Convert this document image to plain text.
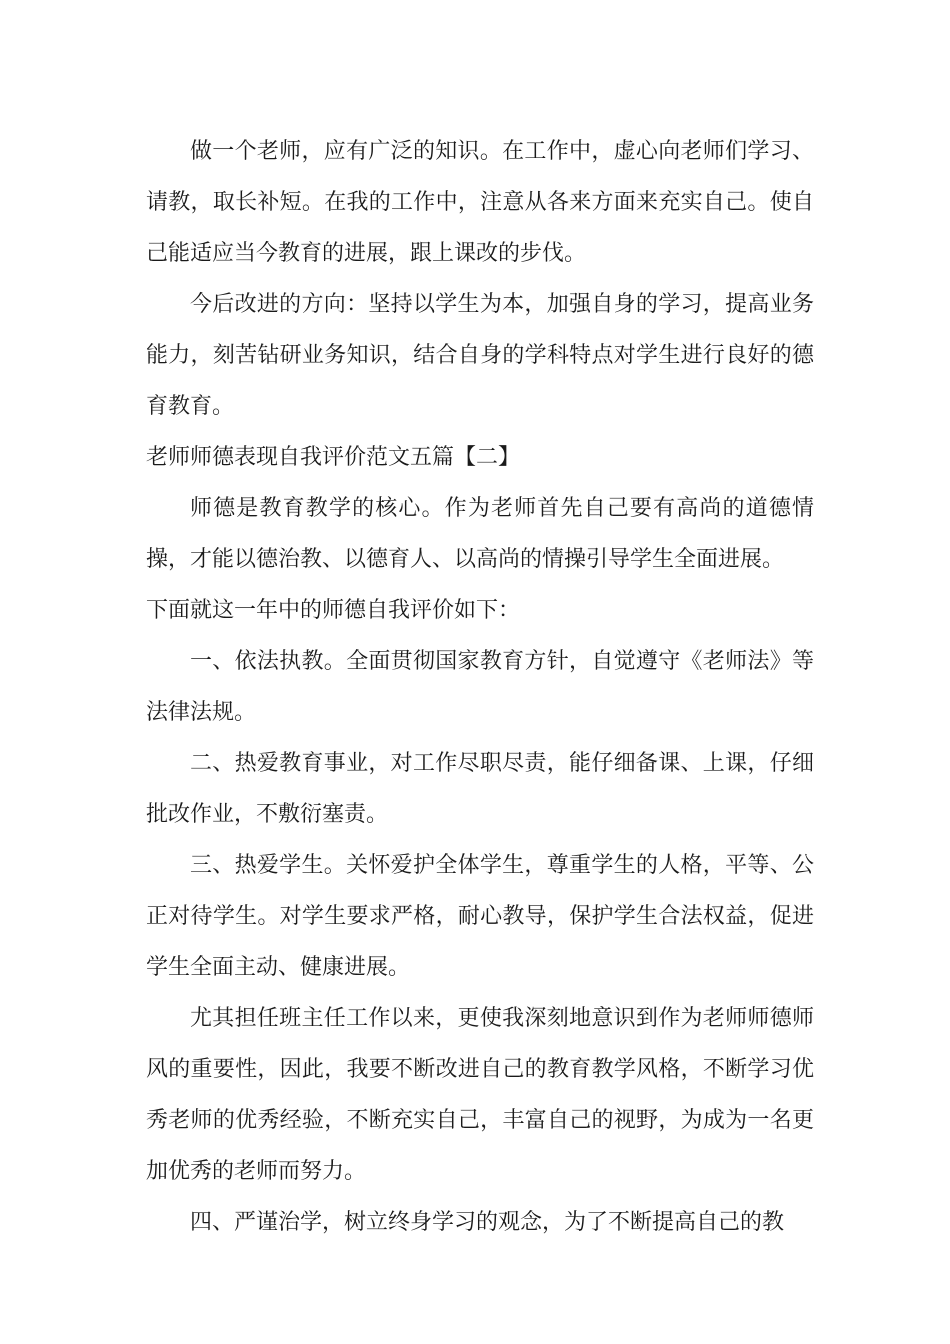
做一个老师，应有广泛的知识。在工作中，虚心向老师们学习、请教，取长补短。在我的工作中，注意从各来方面来充实自己。使自己能适应当今教育的进展，跟上课改的步伐。

今后改进的方向：坚持以学生为本，加强自身的学习，提高业务能力，刻苦钻研业务知识，结合自身的学科特点对学生进行良好的德育教育。

老师师德表现自我评价范文五篇【二】

师德是教育教学的核心。作为老师首先自己要有高尚的道德情操，才能以德治教、以德育人、以高尚的情操引导学生全面进展。

下面就这一年中的师德自我评价如下：

一、依法执教。全面贯彻国家教育方针，自觉遵守《老师法》等法律法规。

二、热爱教育事业，对工作尽职尽责，能仔细备课、上课，仔细批改作业，不敷衍塞责。

三、热爱学生。关怀爱护全体学生，尊重学生的人格，平等、公正对待学生。对学生要求严格，耐心教导，保护学生合法权益，促进学生全面主动、健康进展。

尤其担任班主任工作以来，更使我深刻地意识到作为老师师德师风的重要性，因此，我要不断改进自己的教育教学风格，不断学习优秀老师的优秀经验，不断充实自己，丰富自己的视野，为成为一名更加优秀的老师而努力。

四、严谨治学，树立终身学习的观念，为了不断提高自己的教
